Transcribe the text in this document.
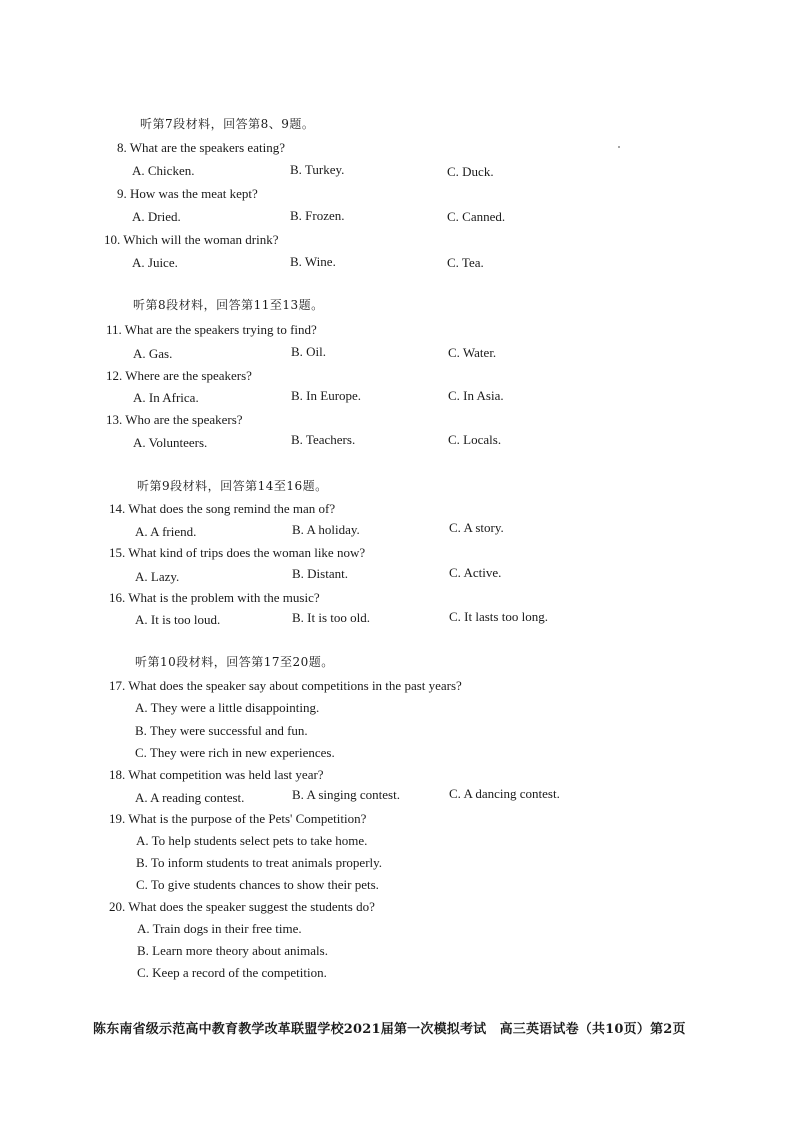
听第7段材料，回答第8、9题。
8. What are the speakers eating?
A. Chicken.	B. Turkey.	C. Duck.
9. How was the meat kept?
A. Dried.	B. Frozen.	C. Canned.
10. Which will the woman drink?
A. Juice.	B. Wine.	C. Tea.
听第8段材料，回答第11至13题。
11. What are the speakers trying to find?
A. Gas.	B. Oil.	C. Water.
12. Where are the speakers?
A. In Africa.	B. In Europe.	C. In Asia.
13. Who are the speakers?
A. Volunteers.	B. Teachers.	C. Locals.
听第9段材料，回答第14至16题。
14. What does the song remind the man of?
A. A friend.	B. A holiday.	C. A story.
15. What kind of trips does the woman like now?
A. Lazy.	B. Distant.	C. Active.
16. What is the problem with the music?
A. It is too loud.	B. It is too old.	C. It lasts too long.
听第10段材料，回答第17至20题。
17. What does the speaker say about competitions in the past years?
A. They were a little disappointing.
B. They were successful and fun.
C. They were rich in new experiences.
18. What competition was held last year?
A. A reading contest.	B. A singing contest.	C. A dancing contest.
19. What is the purpose of the Pets' Competition?
A. To help students select pets to take home.
B. To inform students to treat animals properly.
C. To give students chances to show their pets.
20. What does the speaker suggest the students do?
A. Train dogs in their free time.
B. Learn more theory about animals.
C. Keep a record of the competition.
陈东南省级示范高中教育教学改革联盟学校2021届第一次模拟考试　高三英语试卷（共10页）第2页
